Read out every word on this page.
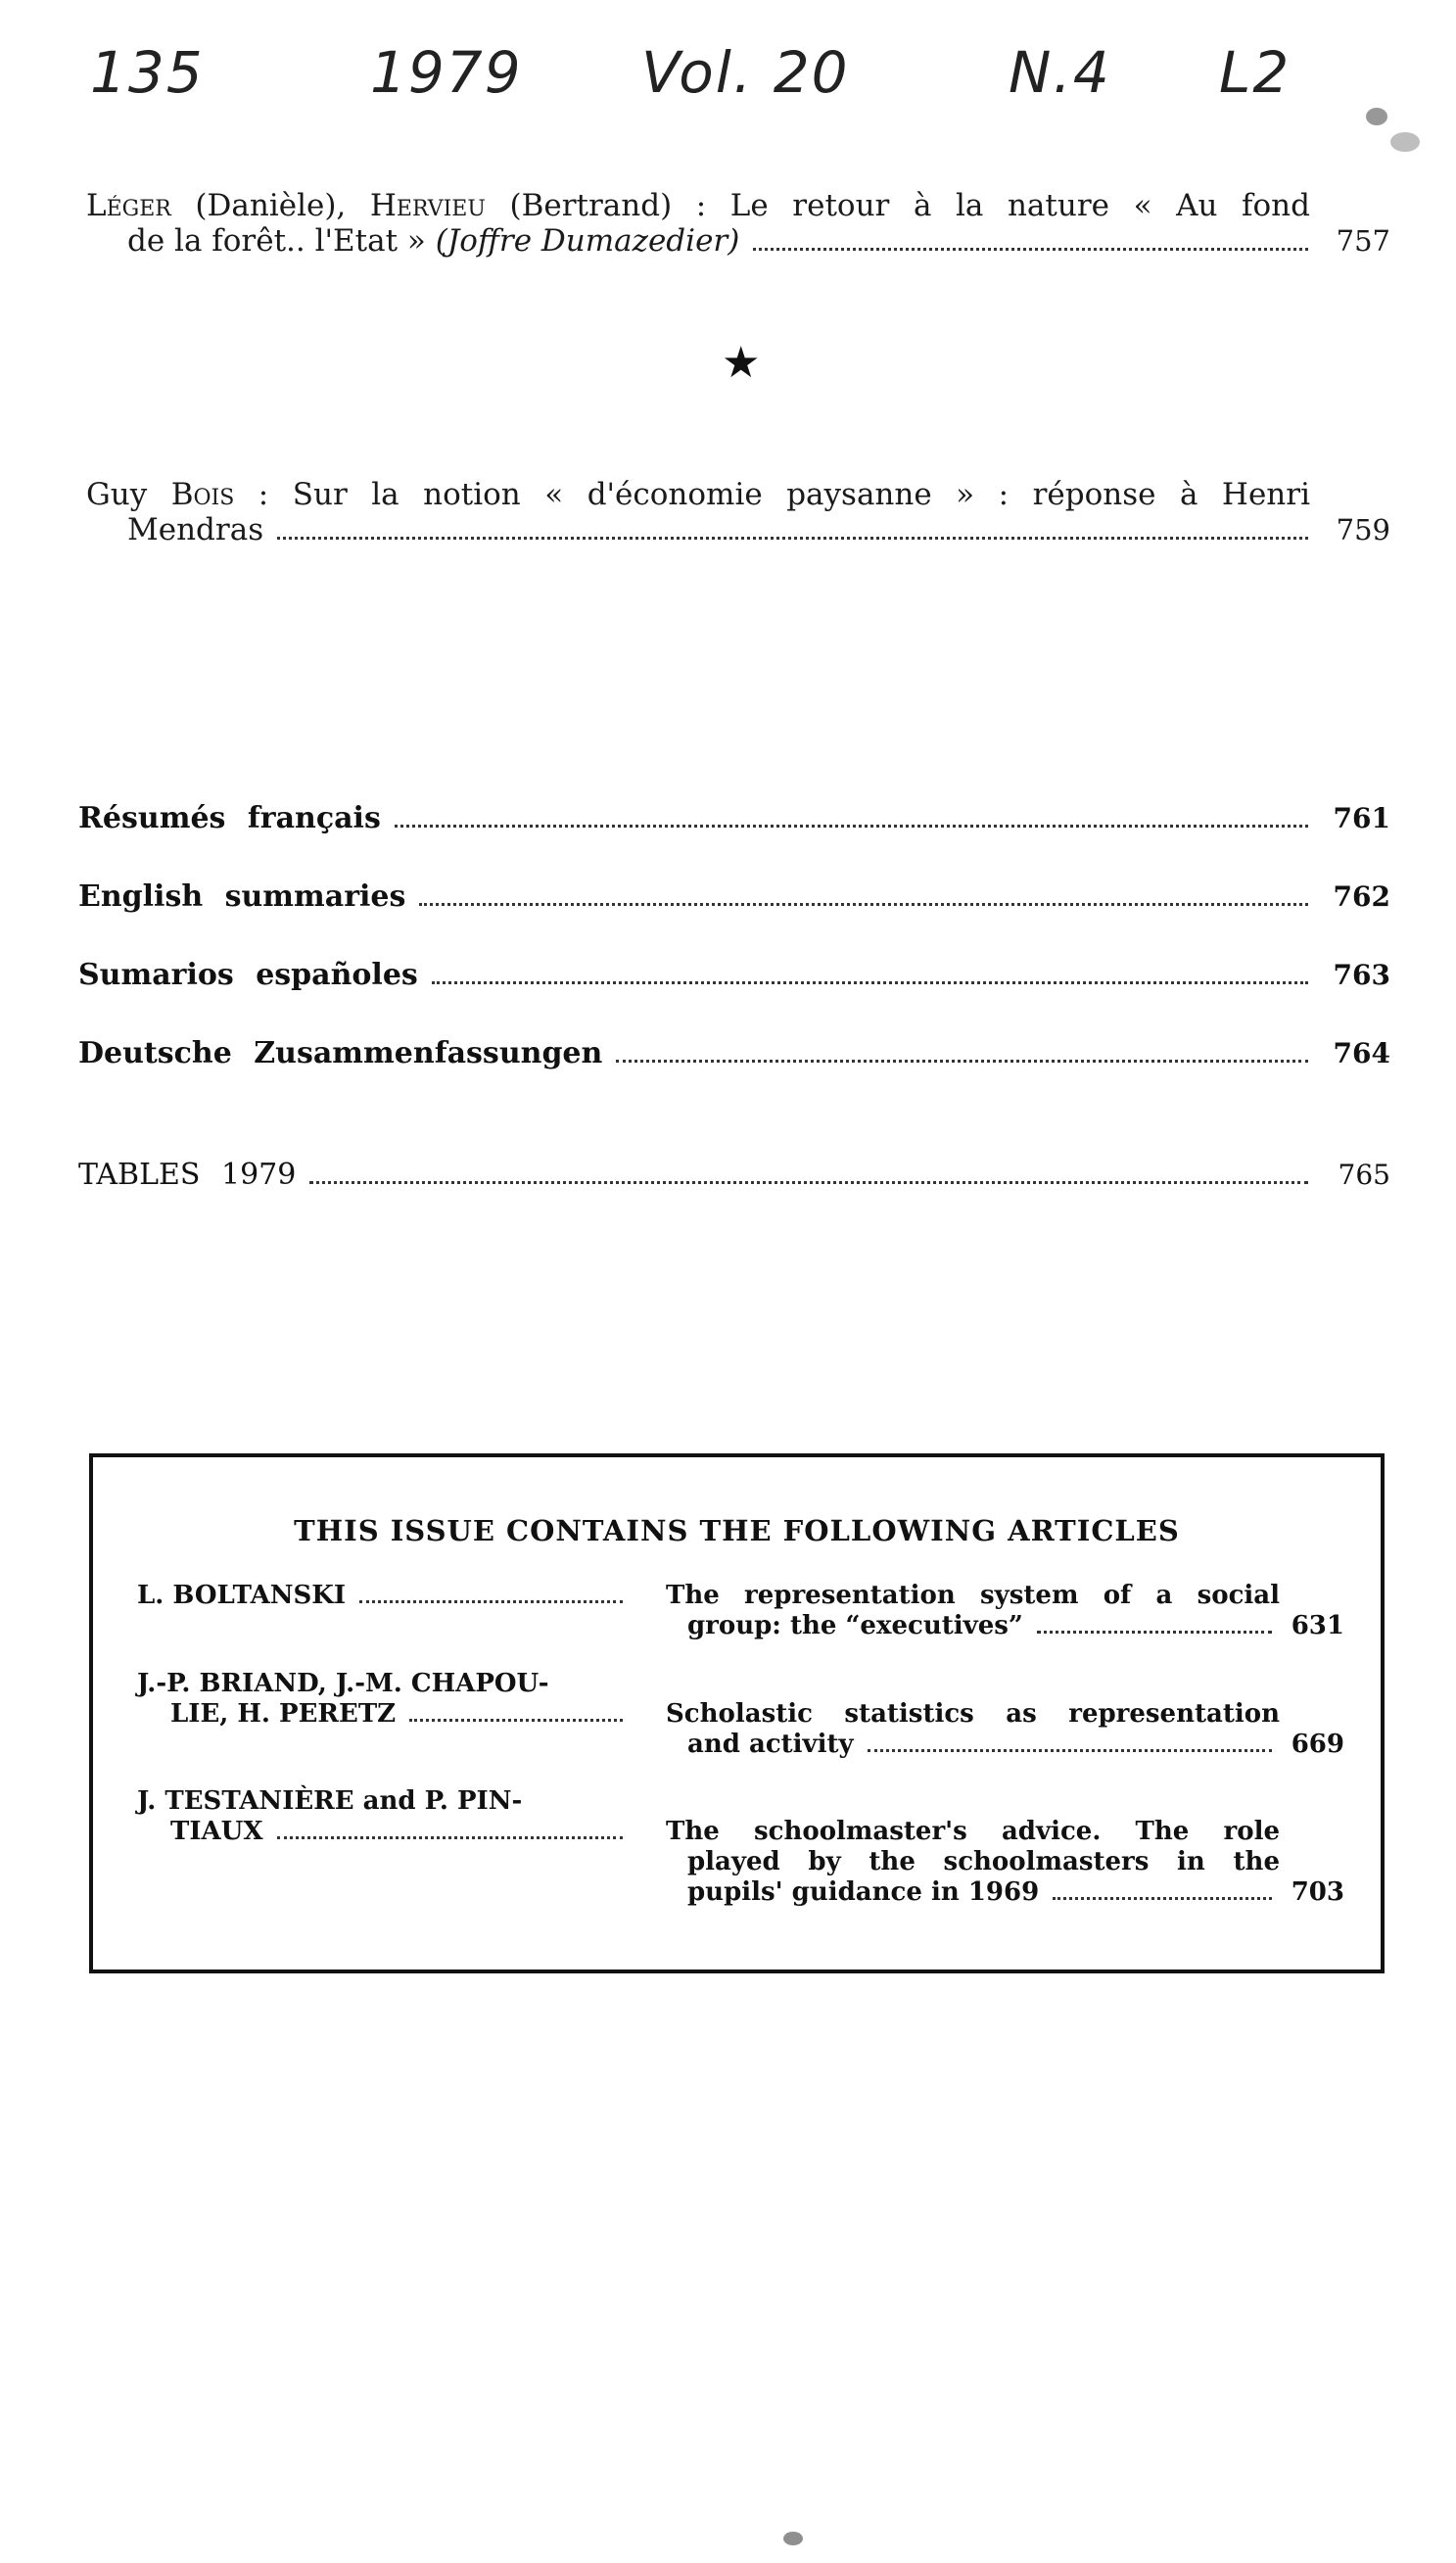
135	1979 Vol. 20	N.4 L2
Léger (Danièle), Hervieu (Bertrand) : Le retour à la nature « Au fond
de la forêt.. l'Etat »
(Joffre Dumazedier)	757
★
Guy Bois : Sur la notion « d'économie paysanne » : réponse à Henri
Mendras	759
Résumés français	761
English summaries	762
Sumarios españoles	763
Deutsche Zusammenfassungen	764
TABLES 1979	765
THIS ISSUE CONTAINS THE FOLLOWING ARTICLES
L. BOLTANSKI	The representation system of a social
group: the “executives”	631
J.-P. BRIAND, J.-M. CHAPOU-
LIE, H. PERETZ	Scholastic statistics as representation
and activity	669
J. TESTANIÈRE and P. PIN-
TIAUX	The schoolmaster's advice. The role
played by the schoolmasters in the
pupils' guidance in 1969	703
